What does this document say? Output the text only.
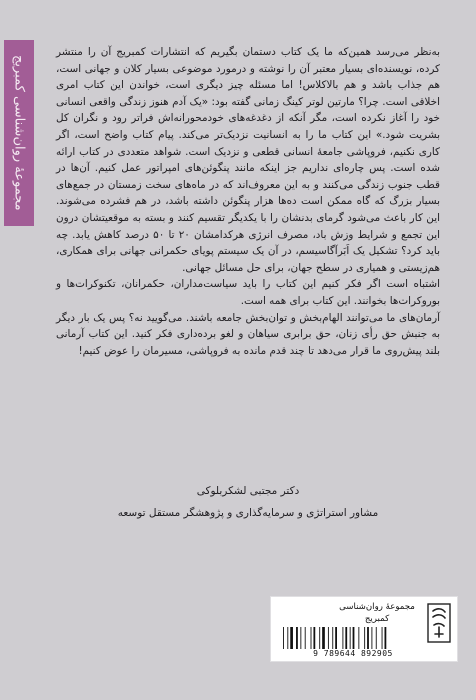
مجموعهٔ روان‌شناسی کمبریج

به‌نظر می‌رسد همین‌که ما یک کتاب دستمان بگیریم که انتشارات کمبریج آن را منتشر کرده، نویسنده‌ای بسیار معتبر آن را نوشته و درمورد موضوعی بسیار کلان و جهانی است، هم جذاب باشد و هم بالاکلاس! اما مسئله چیز دیگری است، خواندن این کتاب امری اخلاقی است. چرا؟ مارتین لوتر کینگ زمانی گفته بود: «یک آدم هنوز زندگی واقعی انسانی خود را آغاز نکرده است، مگر آنکه از دغدغه‌های خودمحورانه‌اش فراتر رود و نگران کل بشریت شود.» این کتاب ما را به انسانیت نزدیک‌تر می‌کند. پیام کتاب واضح است، اگر کاری نکنیم، فروپاشی جامعهٔ انسانی قطعی و نزدیک است. شواهد متعددی در کتاب ارائه شده است. پس چاره‌ای نداریم جز اینکه مانند پنگوئن‌های امپراتور عمل کنیم. آن‌ها در قطب جنوب زندگی می‌کنند و به این معروف‌اند که در ماه‌های سخت زمستان در جمع‌های بسیار بزرگ که گاه ممکن است ده‌ها هزار پنگوئن داشته باشد، در هم فشرده می‌شوند. این کار باعث می‌شود گرمای بدنشان را با یکدیگر تقسیم کنند و بسته به موقعیتشان درون این تجمع و شرایط وزش باد، مصرف انرژی هرکدامشان ۲۰ تا ۵۰ درصد کاهش یابد. چه باید کرد؟ تشکیل یک اَبَرآگاسیسم، در آن یک سیستم پویای حکمرانی جهانی برای همکاری، هم‌زیستی و همیاری در سطح جهان، برای حل مسائل جهانی.

اشتباه است اگر فکر کنیم این کتاب را باید سیاست‌مداران، حکمرانان، تکنوکرات‌ها و بوروکرات‌ها بخوانند. این کتاب برای همه است.

آرمان‌های ما می‌توانند الهام‌بخش و توان‌بخش جامعه باشند. می‌گویید نه؟ پس یک بار دیگر به جنبش حق رأی زنان، حق برابری سیاهان و لغو برده‌داری فکر کنید. این کتاب آرمانی بلند پیش‌روی ما قرار می‌دهد تا چند قدم مانده به فروپاشی، مسیرمان را عوض کنیم!

دکتر مجتبی لشکربلوکی

مشاور استراتژی و سرمایه‌گذاری و پژوهشگر مستقل توسعه

مجموعهٔ روان‌شناسی
کمبریج
9 789644 892905
